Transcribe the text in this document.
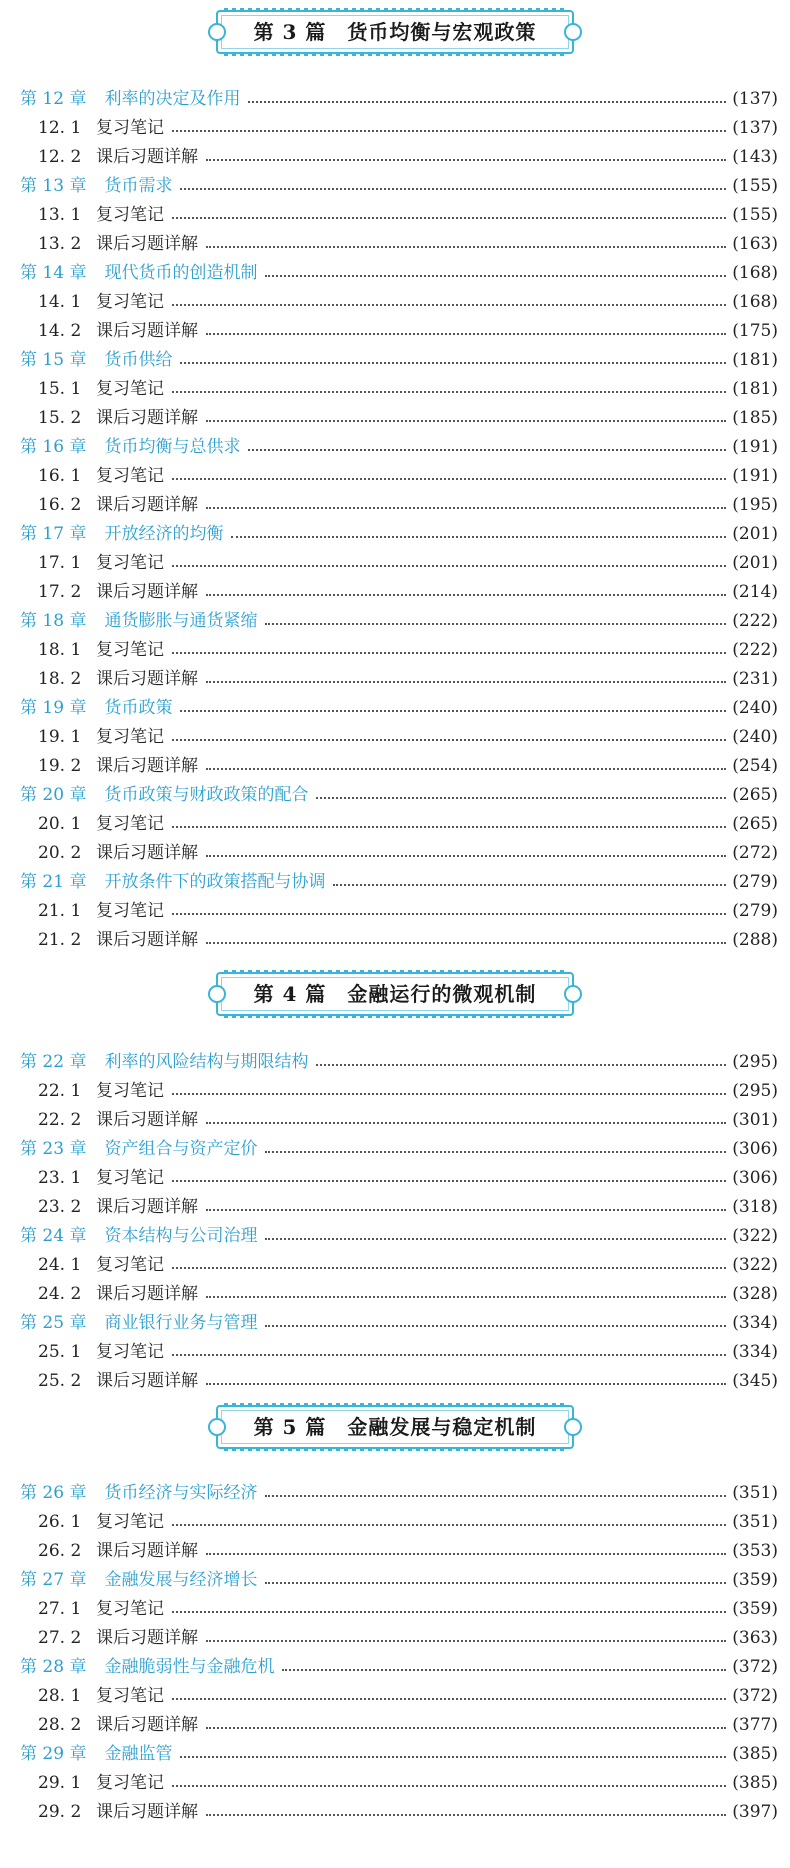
第 3 篇　货币均衡与宏观政策
第 12 章 利率的决定及作用	(137)
12. 1 复习笔记	(137)
12. 2 课后习题详解	(143)
第 13 章 货币需求	(155)
13. 1 复习笔记	(155)
13. 2 课后习题详解	(163)
第 14 章 现代货币的创造机制	(168)
14. 1 复习笔记	(168)
14. 2 课后习题详解	(175)
第 15 章 货币供给	(181)
15. 1 复习笔记	(181)
15. 2 课后习题详解	(185)
第 16 章 货币均衡与总供求	(191)
16. 1 复习笔记	(191)
16. 2 课后习题详解	(195)
第 17 章 开放经济的均衡	(201)
17. 1 复习笔记	(201)
17. 2 课后习题详解	(214)
第 18 章 通货膨胀与通货紧缩	(222)
18. 1 复习笔记	(222)
18. 2 课后习题详解	(231)
第 19 章 货币政策	(240)
19. 1 复习笔记	(240)
19. 2 课后习题详解	(254)
第 20 章 货币政策与财政政策的配合	(265)
20. 1 复习笔记	(265)
20. 2 课后习题详解	(272)
第 21 章 开放条件下的政策搭配与协调	(279)
21. 1 复习笔记	(279)
21. 2 课后习题详解	(288)
第 4 篇　金融运行的微观机制
第 22 章 利率的风险结构与期限结构	(295)
22. 1 复习笔记	(295)
22. 2 课后习题详解	(301)
第 23 章 资产组合与资产定价	(306)
23. 1 复习笔记	(306)
23. 2 课后习题详解	(318)
第 24 章 资本结构与公司治理	(322)
24. 1 复习笔记	(322)
24. 2 课后习题详解	(328)
第 25 章 商业银行业务与管理	(334)
25. 1 复习笔记	(334)
25. 2 课后习题详解	(345)
第 5 篇　金融发展与稳定机制
第 26 章 货币经济与实际经济	(351)
26. 1 复习笔记	(351)
26. 2 课后习题详解	(353)
第 27 章 金融发展与经济增长	(359)
27. 1 复习笔记	(359)
27. 2 课后习题详解	(363)
第 28 章 金融脆弱性与金融危机	(372)
28. 1 复习笔记	(372)
28. 2 课后习题详解	(377)
第 29 章 金融监管	(385)
29. 1 复习笔记	(385)
29. 2 课后习题详解	(397)
